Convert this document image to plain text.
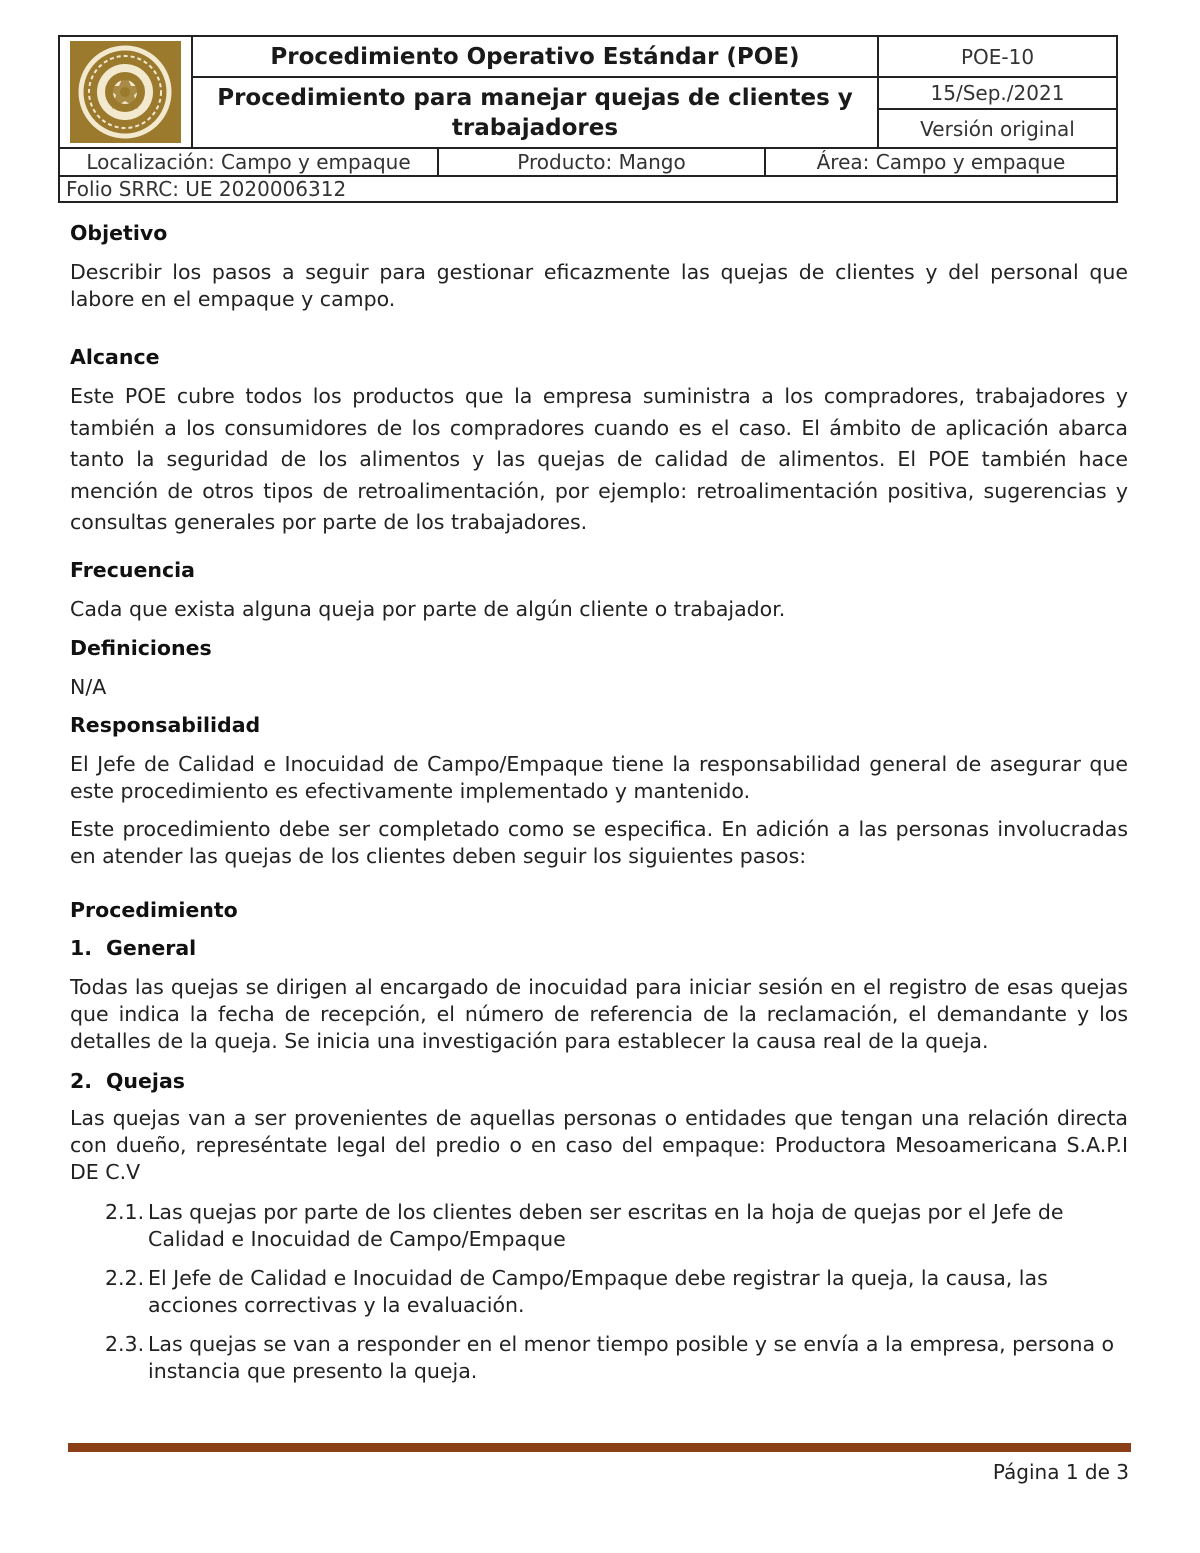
Procedimiento Operativo Estándar (POE)
Procedimiento para manejar quejas de clientes y trabajadores
POE-10
15/Sep./2021
Versión original
Localización: Campo y empaque	Producto: Mango	Área: Campo y empaque
Folio SRRC: UE 2020006312
Objetivo
Describir los pasos a seguir para gestionar eficazmente las quejas de clientes y del personal que labore en el empaque y campo.
Alcance
Este POE cubre todos los productos que la empresa suministra a los compradores, trabajadores y también a los consumidores de los compradores cuando es el caso. El ámbito de aplicación abarca tanto la seguridad de los alimentos y las quejas de calidad de alimentos. El POE también hace mención de otros tipos de retroalimentación, por ejemplo: retroalimentación positiva, sugerencias y consultas generales por parte de los trabajadores.
Frecuencia
Cada que exista alguna queja por parte de algún cliente o trabajador.
Definiciones
N/A
Responsabilidad
El Jefe de Calidad e Inocuidad de Campo/Empaque tiene la responsabilidad general de asegurar que este procedimiento es efectivamente implementado y mantenido.
Este procedimiento debe ser completado como se especifica. En adición a las personas involucradas en atender las quejas de los clientes deben seguir los siguientes pasos:
Procedimiento
1. General
Todas las quejas se dirigen al encargado de inocuidad para iniciar sesión en el registro de esas quejas que indica la fecha de recepción, el número de referencia de la reclamación, el demandante y los detalles de la queja. Se inicia una investigación para establecer la causa real de la queja.
2. Quejas
Las quejas van a ser provenientes de aquellas personas o entidades que tengan una relación directa con dueño, represéntate legal del predio o en caso del empaque: Productora Mesoamericana S.A.P.I DE C.V
2.1. Las quejas por parte de los clientes deben ser escritas en la hoja de quejas por el Jefe de Calidad e Inocuidad de Campo/Empaque
2.2. El Jefe de Calidad e Inocuidad de Campo/Empaque debe registrar la queja, la causa, las acciones correctivas y la evaluación.
2.3. Las quejas se van a responder en el menor tiempo posible y se envía a la empresa, persona o instancia que presento la queja.
Página 1 de 3
